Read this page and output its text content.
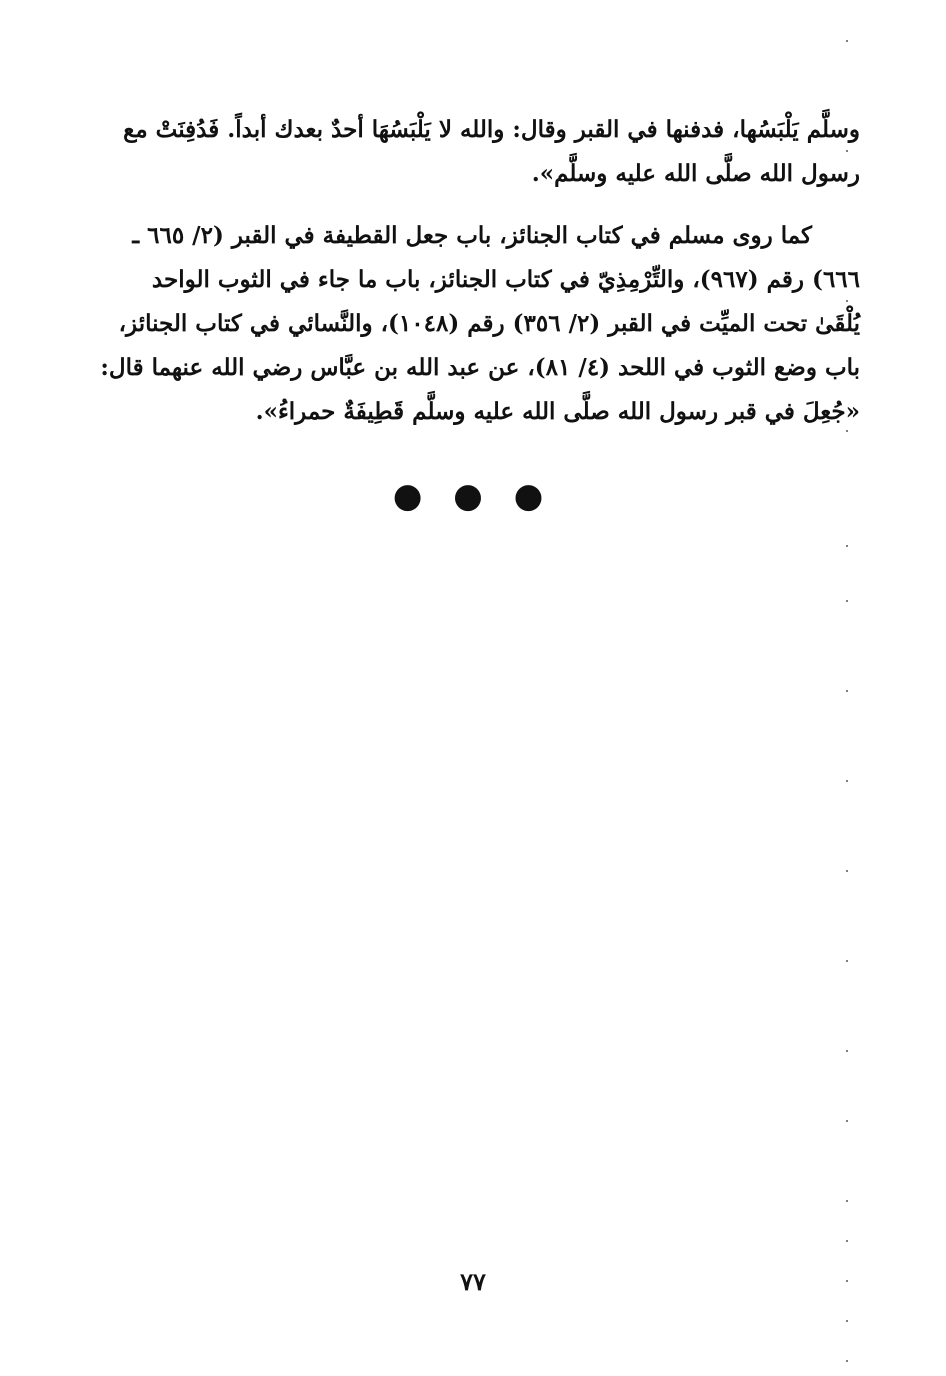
وسلَّم يَلْبَسُها، فدفنها في القبر وقال: والله لا يَلْبَسُهَا أحدٌ بعدك أبداً. فَدُفِنَتْ مع
رسول الله صلَّى الله عليه وسلَّم».
كما روى مسلم في كتاب الجنائز، باب جعل القطيفة في القبر (٢/ ٦٦٥ ـ
٦٦٦) رقم (٩٦٧)، والتِّرْمِذِيّ في كتاب الجنائز، باب ما جاء في الثوب الواحد
يُلْقَىٰ تحت الميِّت في القبر (٢/ ٣٥٦) رقم (١٠٤٨)، والنَّسائي في كتاب الجنائز،
باب وضع الثوب في اللحد (٤/ ٨١)، عن عبد الله بن عبَّاس رضي الله عنهما قال:
«جُعِلَ في قبر رسول الله صلَّى الله عليه وسلَّم قَطِيفَةٌ حمراءُ».
● ● ●
٧٧
